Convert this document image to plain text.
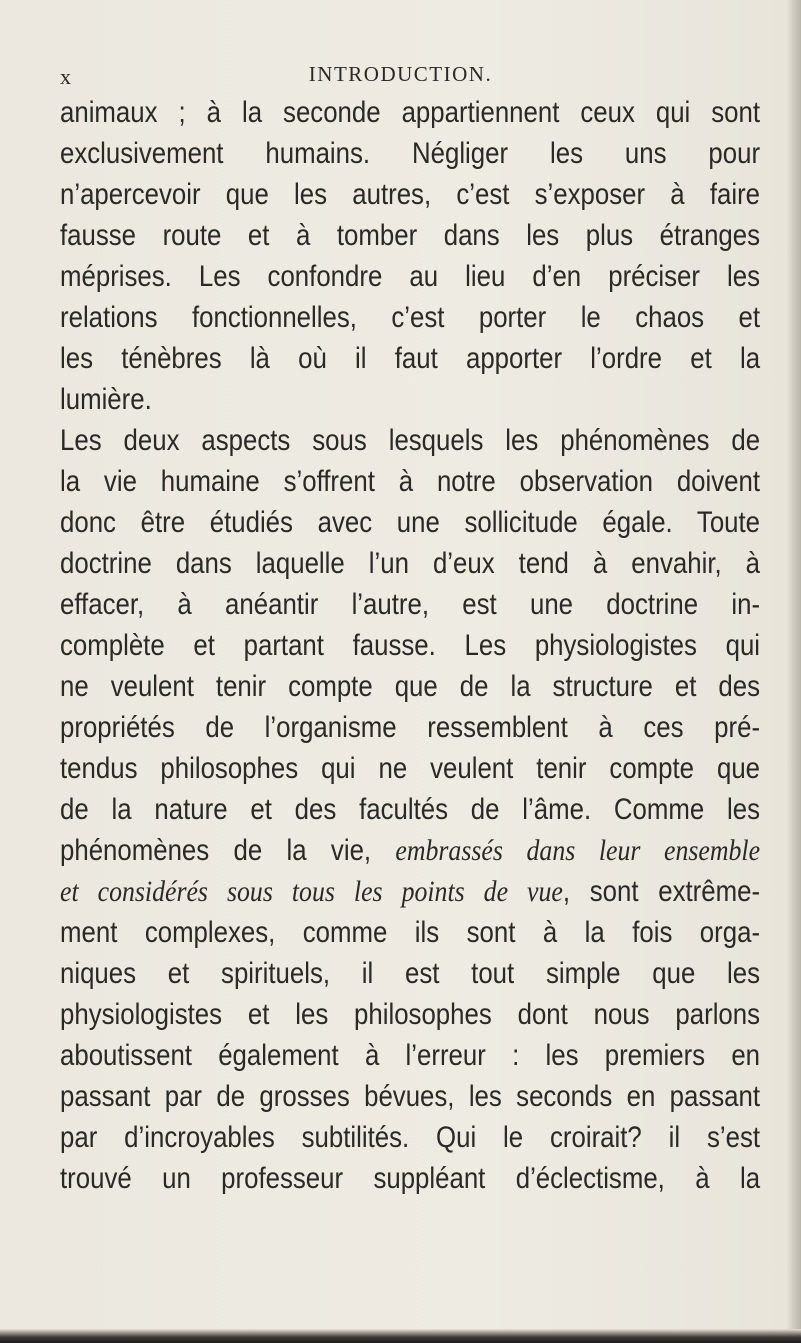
x	INTRODUCTION.
animaux ; à la seconde appartiennent ceux qui sont
exclusivement humains. Négliger les uns pour
n’apercevoir que les autres, c’est s’exposer à faire
fausse route et à tomber dans les plus étranges
méprises. Les confondre au lieu d’en préciser les
relations fonctionnelles, c’est porter le chaos et
les ténèbres là où il faut apporter l’ordre et la
lumière.
Les deux aspects sous lesquels les phénomènes de
la vie humaine s’offrent à notre observation doivent
donc être étudiés avec une sollicitude égale. Toute
doctrine dans laquelle l’un d’eux tend à envahir, à
effacer, à anéantir l’autre, est une doctrine in-
complète et partant fausse. Les physiologistes qui
ne veulent tenir compte que de la structure et des
propriétés de l’organisme ressemblent à ces pré-
tendus philosophes qui ne veulent tenir compte que
de la nature et des facultés de l’âme. Comme les
phénomènes de la vie, embrassés dans leur ensemble
et considérés sous tous les points de vue, sont extrême-
ment complexes, comme ils sont à la fois orga-
niques et spirituels, il est tout simple que les
physiologistes et les philosophes dont nous parlons
aboutissent également à l’erreur : les premiers en
passant par de grosses bévues, les seconds en passant
par d’incroyables subtilités. Qui le croirait? il s’est
trouvé un professeur suppléant d’éclectisme, à la
